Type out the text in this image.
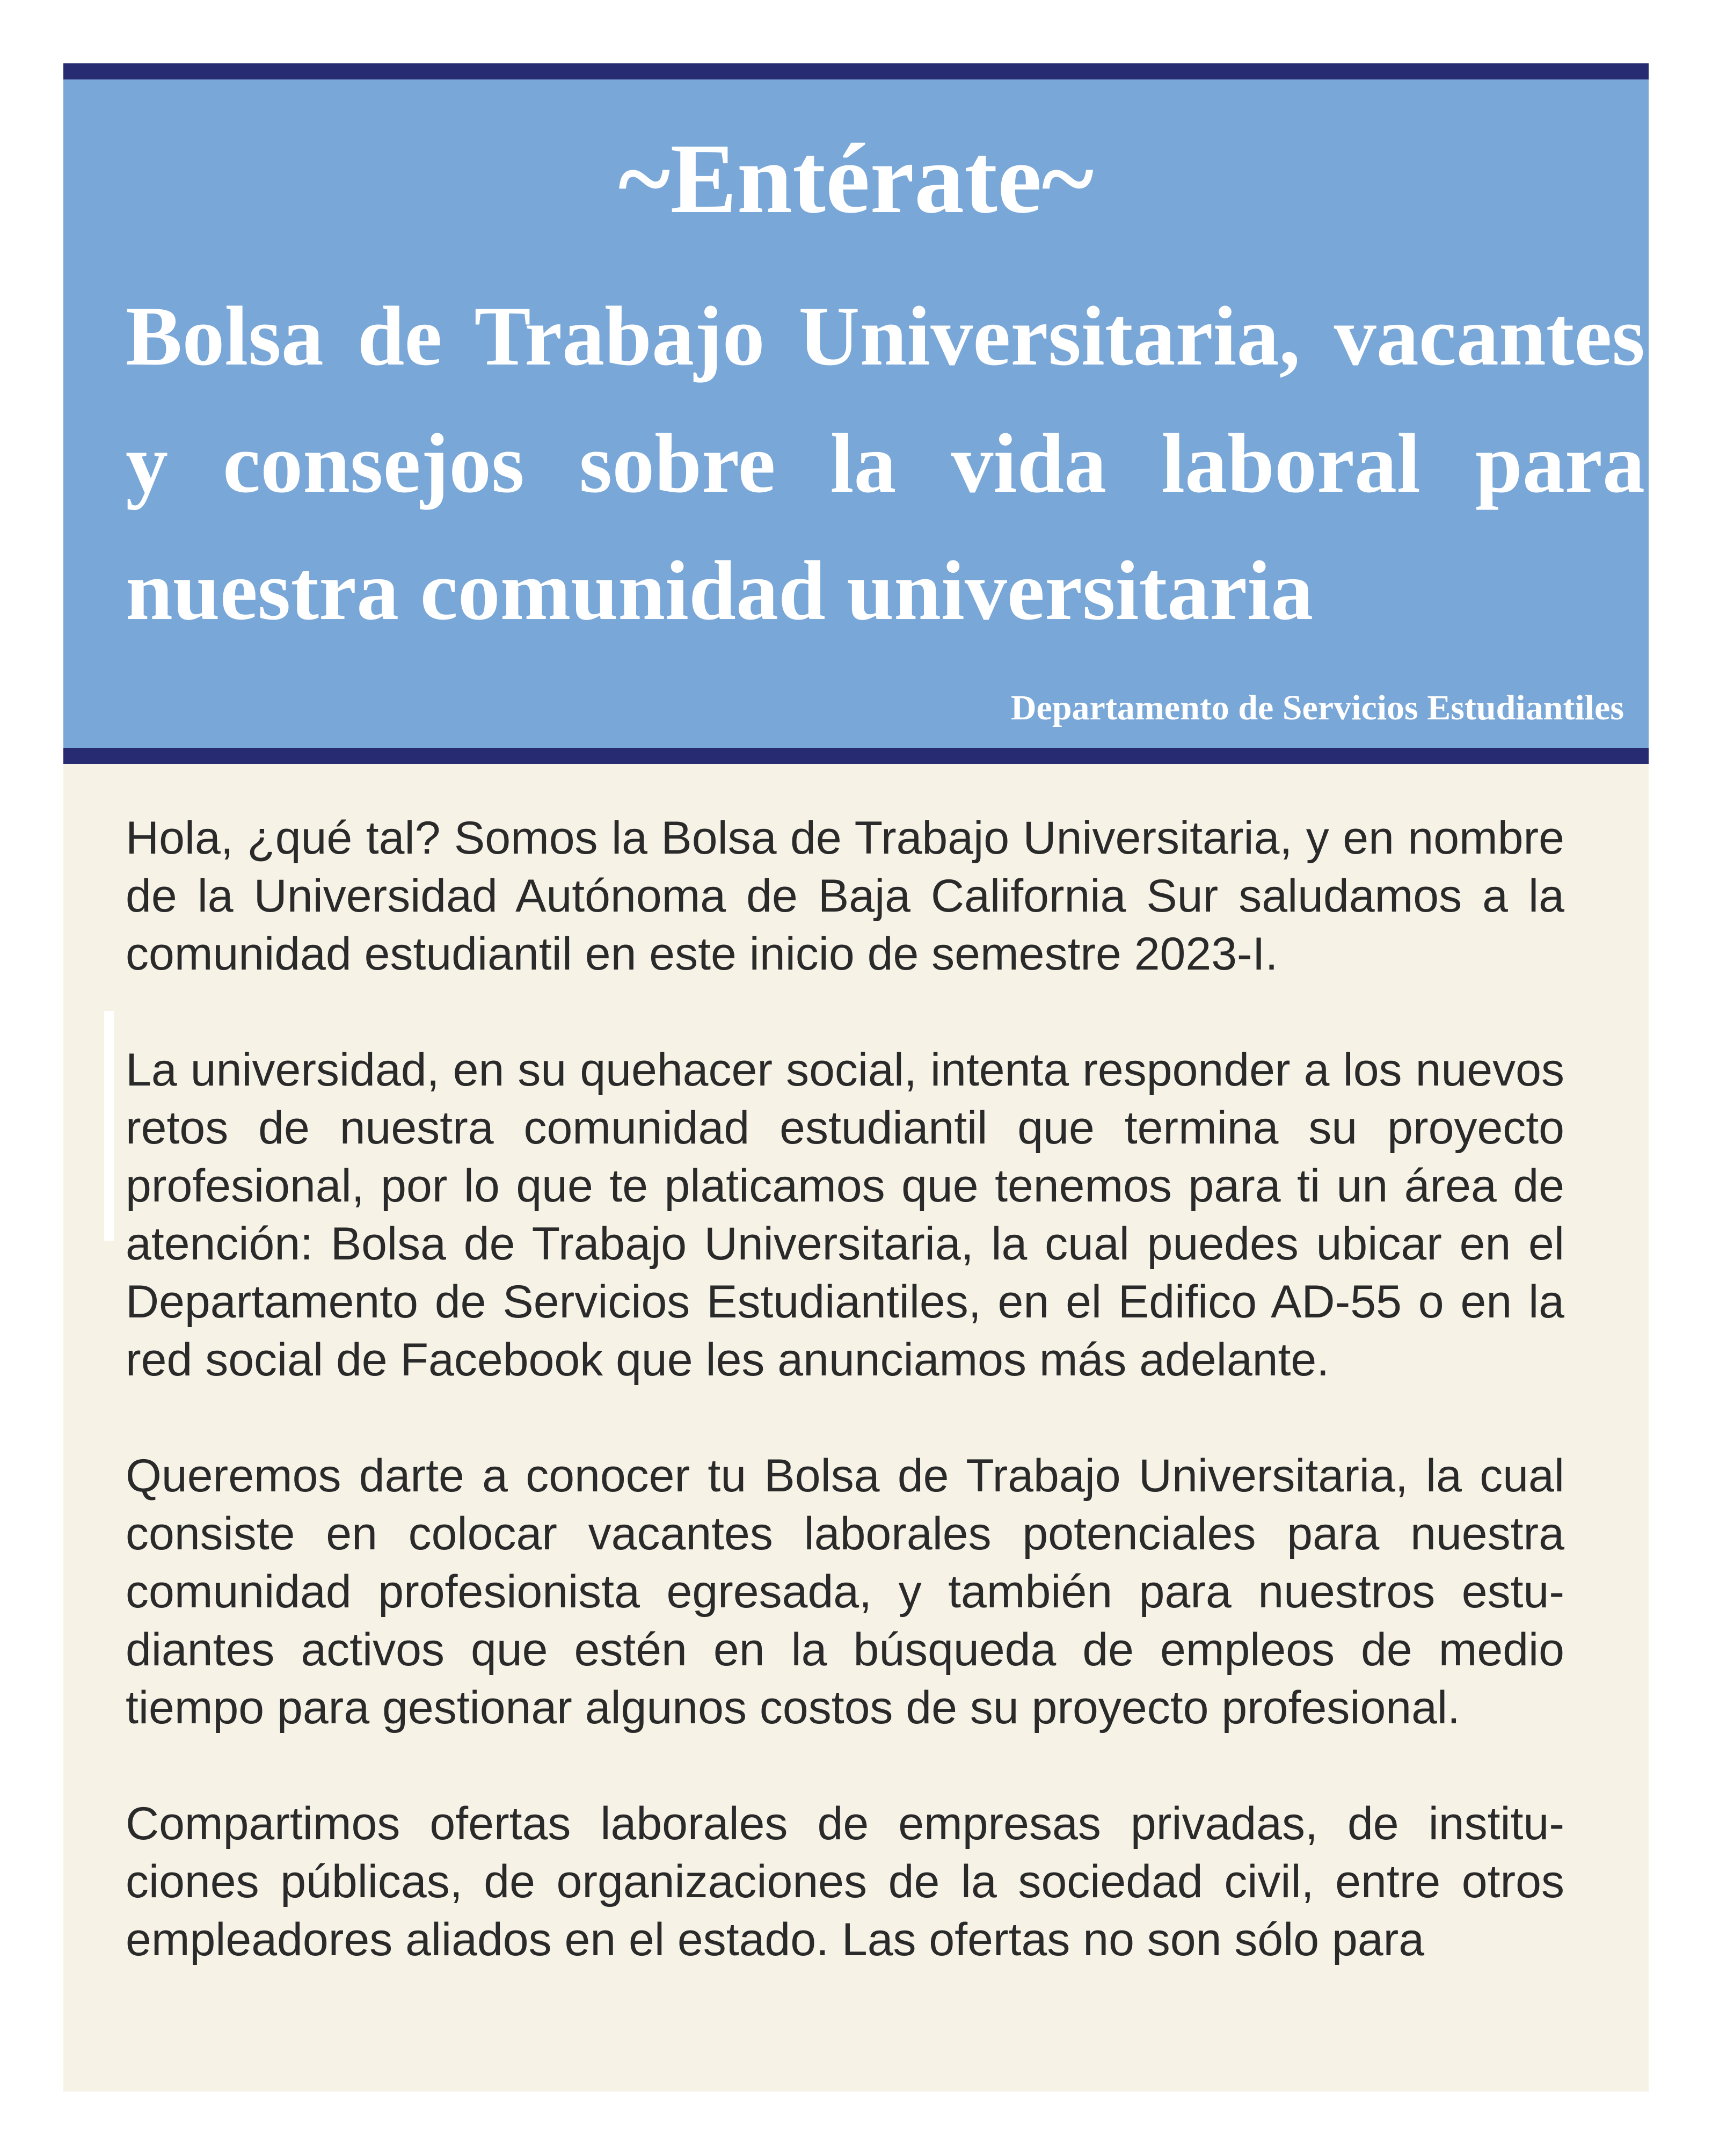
~Entérate~
Bolsa de Trabajo Universitaria, vacantes y consejos sobre la vida laboral para nuestra comunidad universitaria
Departamento de Servicios Estudiantiles

Hola, ¿qué tal? Somos la Bolsa de Trabajo Universitaria, y en nombre de la Universidad Autónoma de Baja California Sur saludamos a la comunidad estudiantil en este inicio de semestre 2023-I.

La universidad, en su quehacer social, intenta responder a los nuevos retos de nuestra comunidad estudiantil que termina su proyecto profesional, por lo que te platicamos que tenemos para ti un área de atención: Bolsa de Trabajo Universitaria, la cual puedes ubicar en el Departamento de Servicios Estudiantiles, en el Edifico AD-55 o en la red social de Facebook que les anunciamos más adelante.

Queremos darte a conocer tu Bolsa de Trabajo Universitaria, la cual consiste en colocar vacantes laborales potenciales para nuestra comunidad profesionista egresada, y también para nuestros estudiantes activos que estén en la búsqueda de empleos de medio tiempo para gestionar algunos costos de su proyecto profesional.

Compartimos ofertas laborales de empresas privadas, de instituciones públicas, de organizaciones de la sociedad civil, entre otros empleadores aliados en el estado. Las ofertas no son sólo para
